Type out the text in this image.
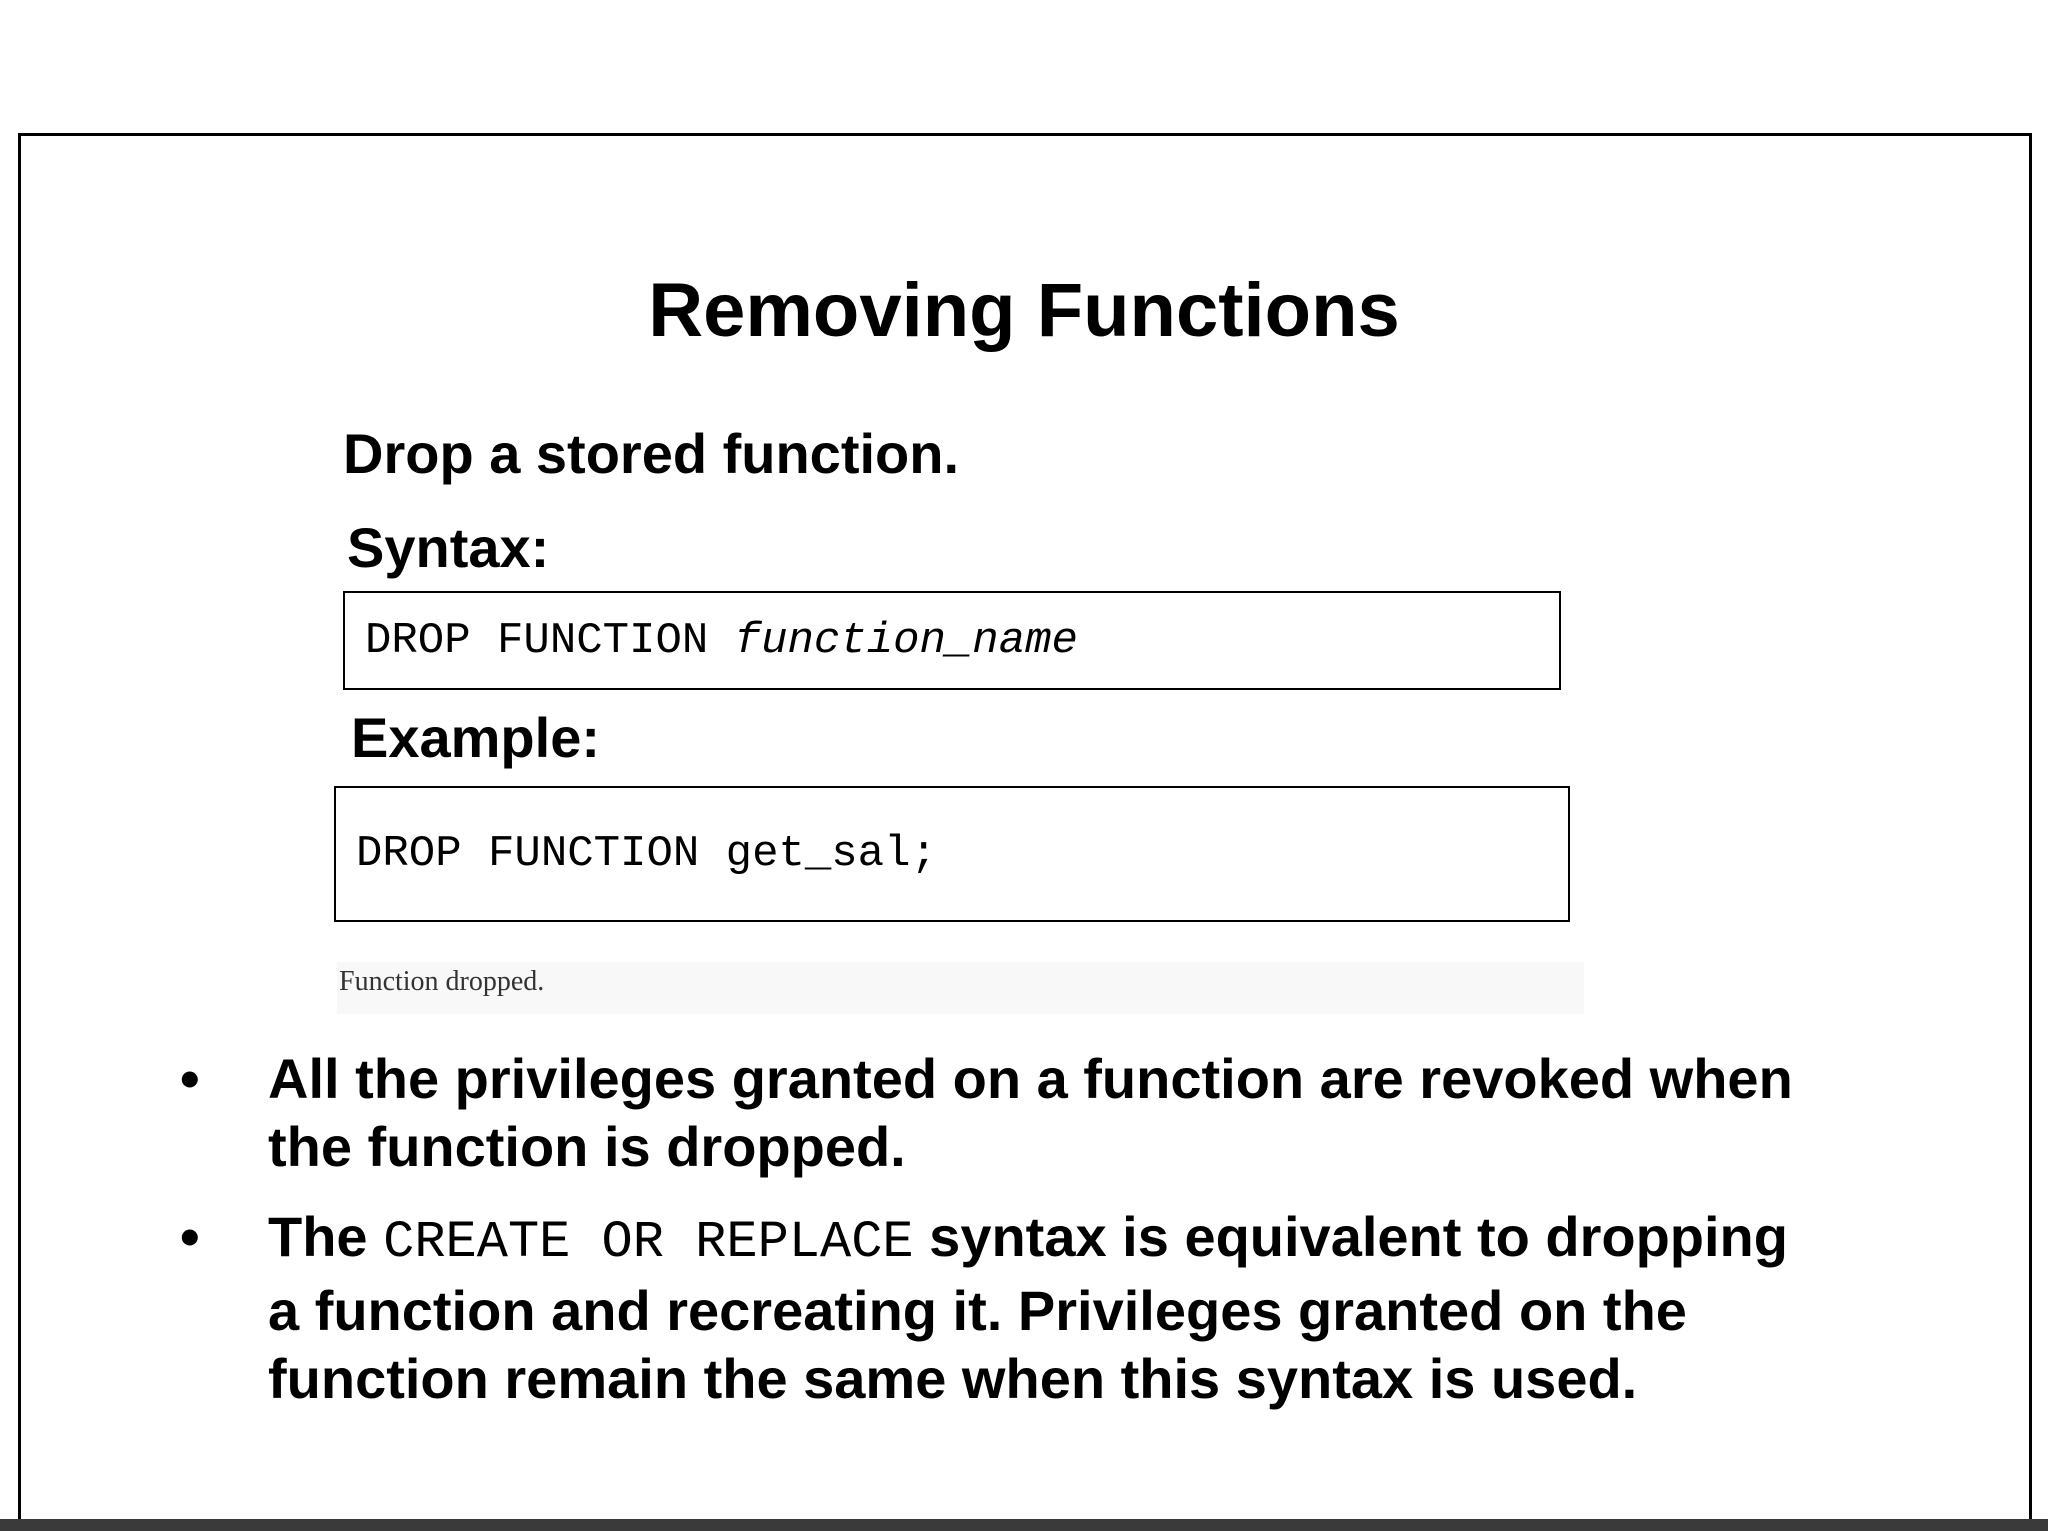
Removing Functions
Drop a stored function.
Syntax:
DROP FUNCTION function_name
Example:
DROP FUNCTION get_sal;
Function dropped.
• All the privileges granted on a function are revoked when the function is dropped.
• The CREATE OR REPLACE syntax is equivalent to dropping a function and recreating it. Privileges granted on the function remain the same when this syntax is used.
